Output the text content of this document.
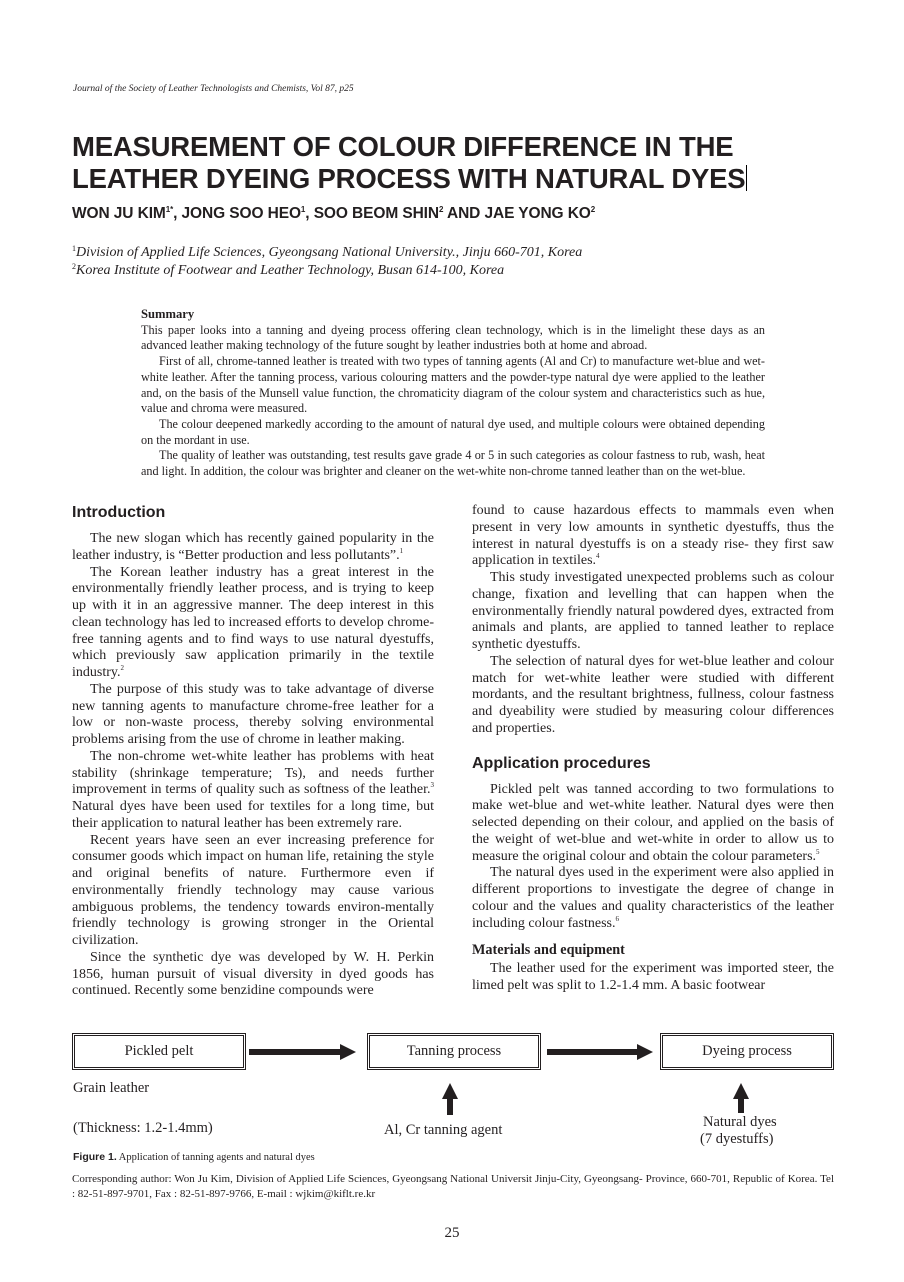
Journal of the Society of Leather Technologists and Chemists, Vol 87, p25
MEASUREMENT OF COLOUR DIFFERENCE IN THE
LEATHER DYEING PROCESS WITH NATURAL DYES
WON JU $KIM^{1*}$, JONG SOO HEO$^1$, SOO BEOM SHIN$^2$ AND JAE YONG $KO^2$
$^1$Division of Applied Life Sciences, Gyeongsang National University., Jinju 660-701, Korea
$^2$Korea Institute of Footwear and Leather Technology, Busan 614-100, Korea
Summary

This paper looks into a tanning and dyeing process offering clean technology, which is in the limelight these days as an advanced leather making technology of the future sought by leather industries both at home and abroad.

First of all, chrome-tanned leather is treated with two types of tanning agents (Al and Cr) to manufacture wet-blue and wet-white leather. After the tanning process, various colouring matters and the powder-type natural dye were applied to the leather and, on the basis of the Munsell value function, the chromaticity diagram of the colour system and characteristics such as hue, value and chroma were measured.

The colour deepened markedly according to the amount of natural dye used, and multiple colours were obtained depending on the mordant in use.

The quality of leather was outstanding, test results gave grade 4 or 5 in such categories as colour fastness to rub, wash, heat and light. In addition, the colour was brighter and cleaner on the wet-white non-chrome tanned leather than on the wet-blue.

Introduction

The new slogan which has recently gained popularity in the leather industry, is “Better production and less pollutants”.$^1$

The Korean leather industry has a great interest in the environmentally friendly leather process, and is trying to keep up with it in an aggressive manner. The deep interest in this clean technology has led to increased efforts to develop chrome-free tanning agents and to find ways to use natural dyestuffs, which previously saw application primarily in the textile industry.$^2$

The purpose of this study was to take advantage of diverse new tanning agents to manufacture chrome-free leather for a low or non-waste process, thereby solving environmental problems arising from the use of chrome in leather making.

The non-chrome wet-white leather has problems with heat stability (shrinkage temperature; Ts), and needs further improvement in terms of quality such as softness of the leather.$^3$ Natural dyes have been used for textiles for a long time, but their application to natural leather has been extremely rare.

Recent years have seen an ever increasing preference for consumer goods which impact on human life, retaining the style and original benefits of nature. Furthermore even if environmentally friendly technology may cause various ambiguous problems, the tendency towards environ-mentally friendly technology is growing stronger in the Oriental civilization.

Since the synthetic dye was developed by W. H. Perkin 1856, human pursuit of visual diversity in dyed goods has continued. Recently some benzidine compounds were

found to cause hazardous effects to mammals even when present in very low amounts in synthetic dyestuffs, thus the interest in natural dyestuffs is on a steady rise- they first saw application in textiles.$^4$

This study investigated unexpected problems such as colour change, fixation and levelling that can happen when the environmentally friendly natural powdered dyes, extracted from animals and plants, are applied to tanned leather to replace synthetic dyestuffs.

The selection of natural dyes for wet-blue leather and colour match for wet-white leather were studied with different mordants, and the resultant brightness, fullness, colour fastness and dyeability were studied by measuring colour differences and properties.

Application procedures

Pickled pelt was tanned according to two formulations to make wet-blue and wet-white leather. Natural dyes were then selected depending on their colour, and applied on the basis of the weight of wet-blue and wet-white in order to allow us to measure the original colour and obtain the colour parameters.$^5$

The natural dyes used in the experiment were also applied in different proportions to investigate the degree of change in colour and the values and quality characteristics of the leather including colour fastness.$^6$

Materials and equipment

The leather used for the experiment was imported steer, the limed pelt was split to 1.2-1.4 mm. A basic footwear

Pickled pelt	Tanning process	Dyeing process
Grain leather
(Thickness: 1.2-1.4mm)	Al, Cr tanning agent	Natural dyes
(7 dyestuffs)
Figure 1. Application of tanning agents and natural dyes
Corresponding author: Won Ju Kim, Division of Applied Life Sciences, Gyeongsang National Universit Jinju-City, Gyeongsang- Province, 660-701, Republic of Korea. Tel : 82-51-897-9701, Fax : 82-51-897-9766, E-mail : wjkim@kiflt.re.kr
25
